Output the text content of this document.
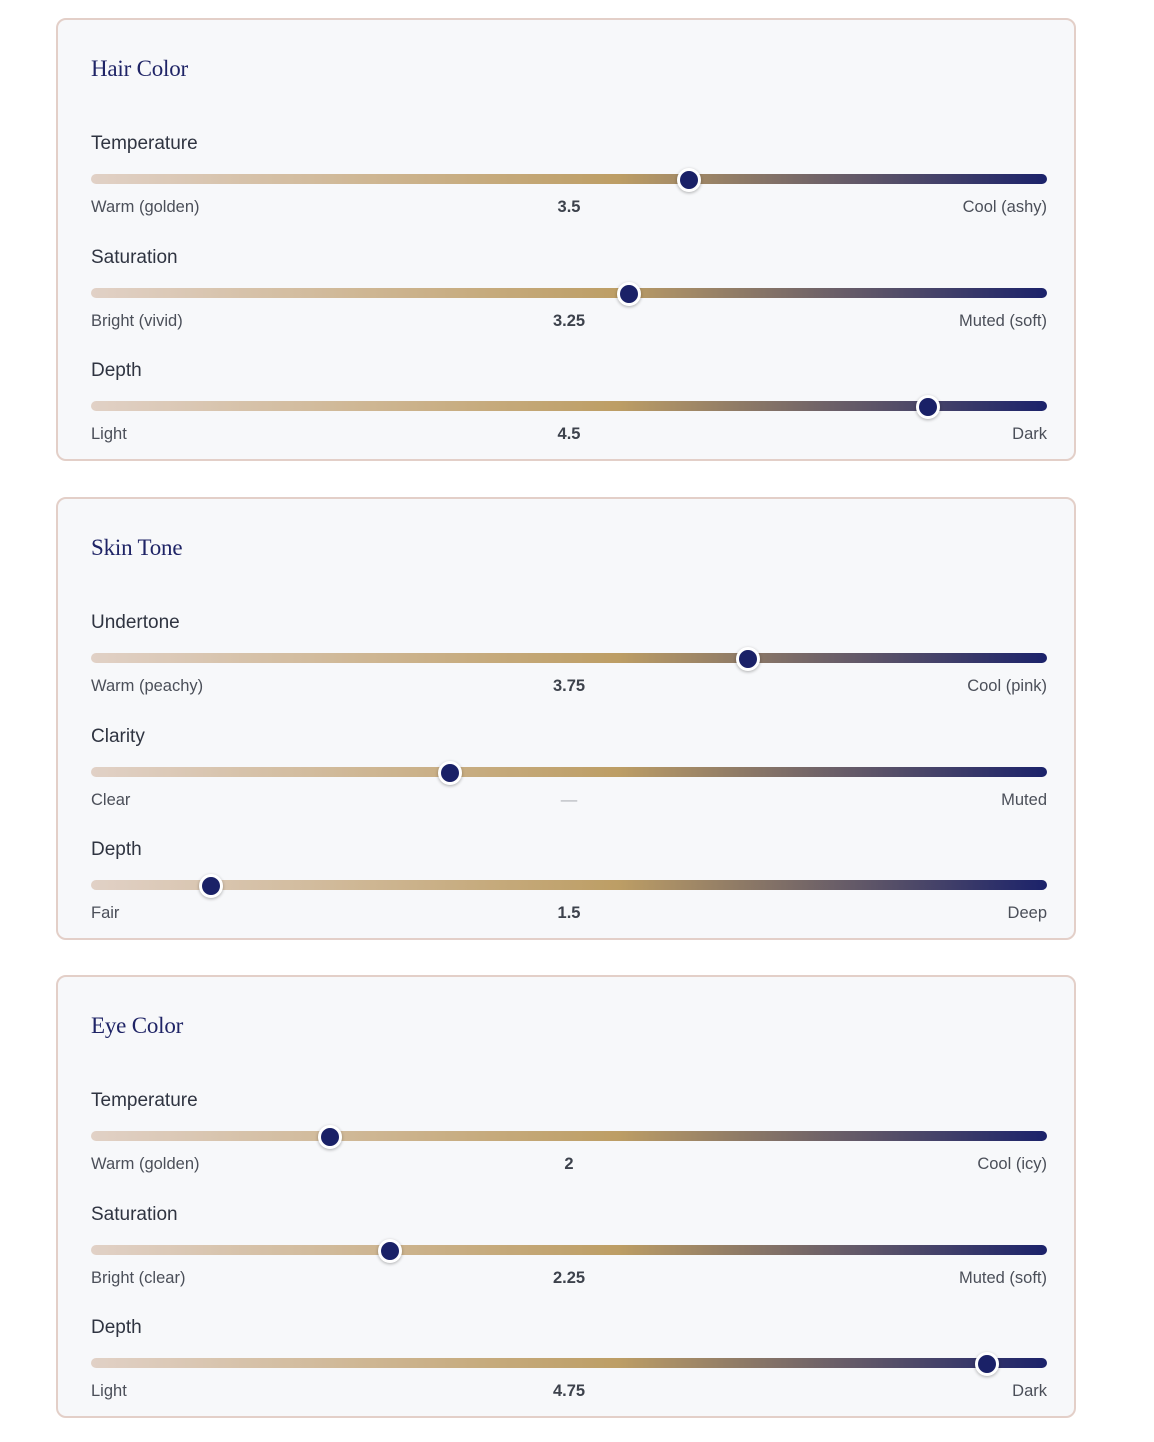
Hair Color
Temperature
Warm (golden)	3.5	Cool (ashy)
Saturation
Bright (vivid)	3.25	Muted (soft)
Depth
Light	4.5	Dark
Skin Tone
Undertone
Warm (peachy)	3.75	Cool (pink)
Clarity
Clear	—	Muted
Depth
Fair	1.5	Deep
Eye Color
Temperature
Warm (golden)	2	Cool (icy)
Saturation
Bright (clear)	2.25	Muted (soft)
Depth
Light	4.75	Dark
